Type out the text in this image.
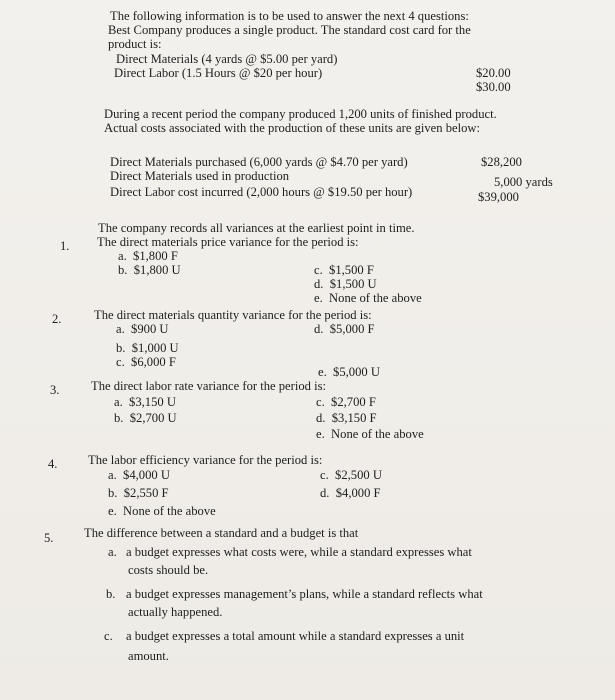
The following information is to be used to answer the next 4 questions:
Best Company produces a single product. The standard cost card for the
product is:
Direct Materials (4 yards @ $5.00 per yard)
$20.00
Direct Labor (1.5 Hours @ $20 per hour)
$30.00
During a recent period the company produced 1,200 units of finished product.
Actual costs associated with the production of these units are given below:
Direct Materials purchased (6,000 yards @ $4.70 per yard)	$28,200
Direct Materials used in production	5,000 yards
Direct Labor cost incurred (2,000 hours @ $19.50 per hour)	$39,000
The company records all variances at the earliest point in time.
1. The direct materials price variance for the period is:
a. $1,800 F
b. $1,800 U	c. $1,500 F
d. $1,500 U
e. None of the above
2.	The direct materials quantity variance for the period is:
a. $900 U	d. $5,000 F
b. $1,000 U
c. $6,000 F
e. $5,000 U
3.	The direct labor rate variance for the period is:
a. $3,150 U	c. $2,700 F
b. $2,700 U	d. $3,150 F
e. None of the above
4. The labor efficiency variance for the period is:
a. $4,000 U	c. $2,500 U
b. $2,550 F	d. $4,000 F
e. None of the above
5. The difference between a standard and a budget is that
a. a budget expresses what costs were, while a standard expresses what
costs should be.
b. a budget expresses management’s plans, while a standard reflects what
actually happened.
c. a budget expresses a total amount while a standard expresses a unit
amount.
